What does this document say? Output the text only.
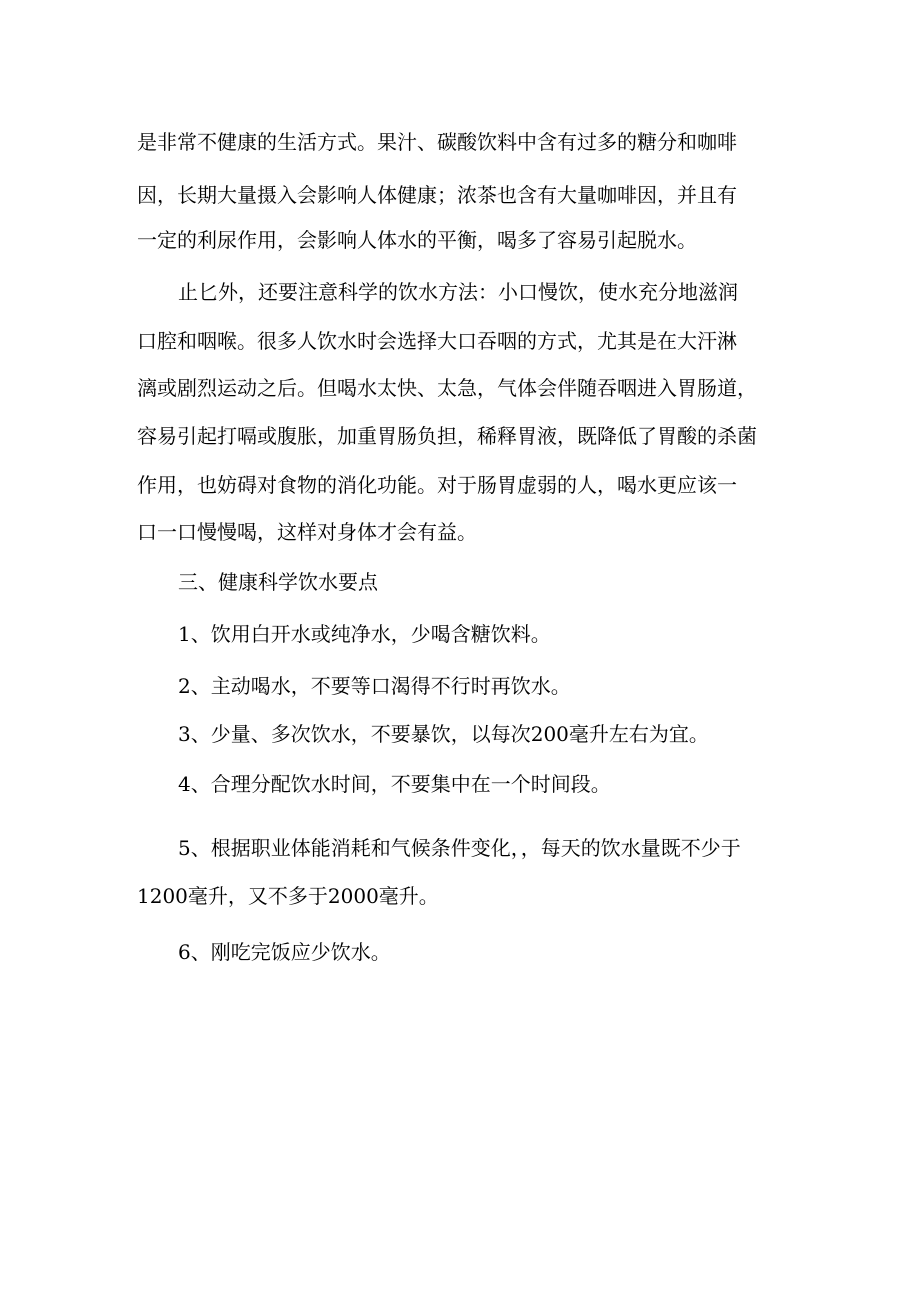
是非常不健康的生活方式。果汁、碳酸饮料中含有过多的糖分和咖啡

因，长期大量摄入会影响人体健康；浓茶也含有大量咖啡因，并且有

一定的利尿作用，会影响人体水的平衡，喝多了容易引起脱水。

止匕外，还要注意科学的饮水方法：小口慢饮，使水充分地滋润

口腔和咽喉。很多人饮水时会选择大口吞咽的方式，尤其是在大汗淋

漓或剧烈运动之后。但喝水太快、太急，气体会伴随吞咽进入胃肠道，

容易引起打嗝或腹胀，加重胃肠负担，稀释胃液，既降低了胃酸的杀菌

作用，也妨碍对食物的消化功能。对于肠胃虚弱的人，喝水更应该一

口一口慢慢喝，这样对身体才会有益。

三、健康科学饮水要点

1、饮用白开水或纯净水，少喝含糖饮料。

2、主动喝水，不要等口渴得不行时再饮水。

3、少量、多次饮水，不要暴饮，以每次200毫升左右为宜。

4、合理分配饮水时间，不要集中在一个时间段。

5、根据职业体能消耗和气候条件变化，，每天的饮水量既不少于

1200毫升，又不多于2000毫升。

6、刚吃完饭应少饮水。
